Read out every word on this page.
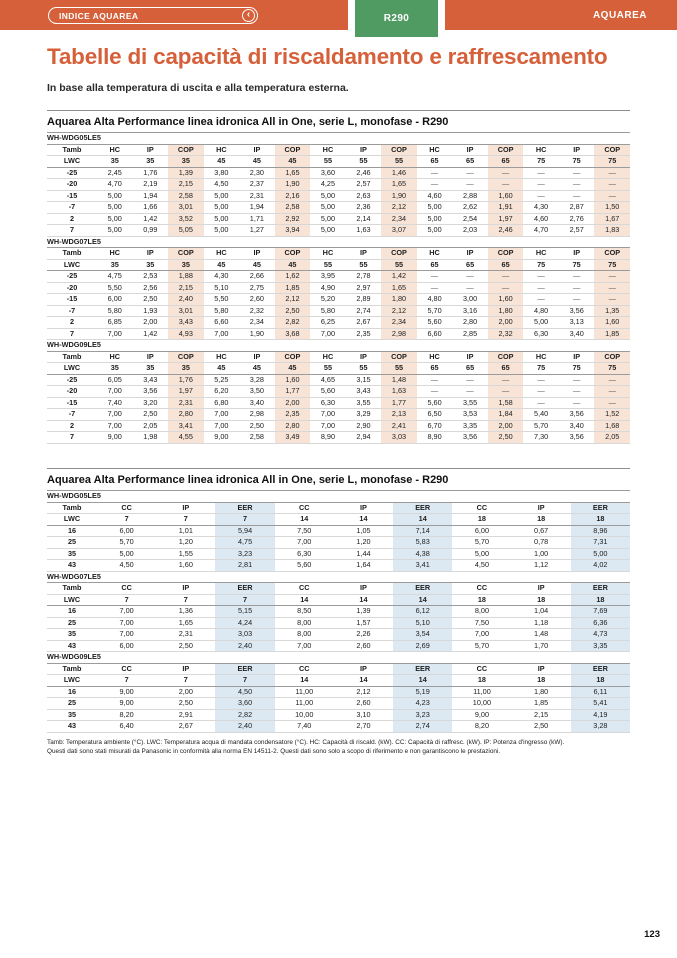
INDICE AQUAREA	‹	R290	AQUAREA
Tabelle di capacità di riscaldamento e raffrescamento
In base alla temperatura di uscita e alla temperatura esterna.
Aquarea Alta Performance linea idronica All in One, serie L, monofase - R290
WH-WDG05LE5															
Tamb	HC	IP	COP	HC	IP	COP	HC	IP	COP	HC	IP	COP	HC	IP	COP
LWC	35	35	35	45	45	45	55	55	55	65	65	65	75	75	75
-25	2,45	1,76	1,39	3,80	2,30	1,65	3,60	2,46	1,46	—	—	—	—	—	—
-20	4,70	2,19	2,15	4,50	2,37	1,90	4,25	2,57	1,65	—	—	—	—	—	—
-15	5,00	1,94	2,58	5,00	2,31	2,16	5,00	2,63	1,90	4,60	2,88	1,60	—	—	—
-7	5,00	1,66	3,01	5,00	1,94	2,58	5,00	2,36	2,12	5,00	2,62	1,91	4,30	2,87	1,50
2	5,00	1,42	3,52	5,00	1,71	2,92	5,00	2,14	2,34	5,00	2,54	1,97	4,60	2,76	1,67
7	5,00	0,99	5,05	5,00	1,27	3,94	5,00	1,63	3,07	5,00	2,03	2,46	4,70	2,57	1,83
WH-WDG07LE5															
Tamb	HC	IP	COP	HC	IP	COP	HC	IP	COP	HC	IP	COP	HC	IP	COP
LWC	35	35	35	45	45	45	55	55	55	65	65	65	75	75	75
-25	4,75	2,53	1,88	4,30	2,66	1,62	3,95	2,78	1,42	—	—	—	—	—	—
-20	5,50	2,56	2,15	5,10	2,75	1,85	4,90	2,97	1,65	—	—	—	—	—	—
-15	6,00	2,50	2,40	5,50	2,60	2,12	5,20	2,89	1,80	4,80	3,00	1,60	—	—	—
-7	5,80	1,93	3,01	5,80	2,32	2,50	5,80	2,74	2,12	5,70	3,16	1,80	4,80	3,56	1,35
2	6,85	2,00	3,43	6,60	2,34	2,82	6,25	2,67	2,34	5,60	2,80	2,00	5,00	3,13	1,60
7	7,00	1,42	4,93	7,00	1,90	3,68	7,00	2,35	2,98	6,60	2,85	2,32	6,30	3,40	1,85
WH-WDG09LE5															
Tamb	HC	IP	COP	HC	IP	COP	HC	IP	COP	HC	IP	COP	HC	IP	COP
LWC	35	35	35	45	45	45	55	55	55	65	65	65	75	75	75
-25	6,05	3,43	1,76	5,25	3,28	1,60	4,65	3,15	1,48	—	—	—	—	—	—
-20	7,00	3,56	1,97	6,20	3,50	1,77	5,60	3,43	1,63	—	—	—	—	—	—
-15	7,40	3,20	2,31	6,80	3,40	2,00	6,30	3,55	1,77	5,60	3,55	1,58	—	—	—
-7	7,00	2,50	2,80	7,00	2,98	2,35	7,00	3,29	2,13	6,50	3,53	1,84	5,40	3,56	1,52
2	7,00	2,05	3,41	7,00	2,50	2,80	7,00	2,90	2,41	6,70	3,35	2,00	5,70	3,40	1,68
7	9,00	1,98	4,55	9,00	2,58	3,49	8,90	2,94	3,03	8,90	3,56	2,50	7,30	3,56	2,05
Aquarea Alta Performance linea idronica All in One, serie L, monofase - R290
WH-WDG05LE5									
Tamb	CC	IP	EER	CC	IP	EER	CC	IP	EER
LWC	7	7	7	14	14	14	18	18	18
16	6,00	1,01	5,94	7,50	1,05	7,14	6,00	0,67	8,96
25	5,70	1,20	4,75	7,00	1,20	5,83	5,70	0,78	7,31
35	5,00	1,55	3,23	6,30	1,44	4,38	5,00	1,00	5,00
43	4,50	1,60	2,81	5,60	1,64	3,41	4,50	1,12	4,02
WH-WDG07LE5									
Tamb	CC	IP	EER	CC	IP	EER	CC	IP	EER
LWC	7	7	7	14	14	14	18	18	18
16	7,00	1,36	5,15	8,50	1,39	6,12	8,00	1,04	7,69
25	7,00	1,65	4,24	8,00	1,57	5,10	7,50	1,18	6,36
35	7,00	2,31	3,03	8,00	2,26	3,54	7,00	1,48	4,73
43	6,00	2,50	2,40	7,00	2,60	2,69	5,70	1,70	3,35
WH-WDG09LE5									
Tamb	CC	IP	EER	CC	IP	EER	CC	IP	EER
LWC	7	7	7	14	14	14	18	18	18
16	9,00	2,00	4,50	11,00	2,12	5,19	11,00	1,80	6,11
25	9,00	2,50	3,60	11,00	2,60	4,23	10,00	1,85	5,41
35	8,20	2,91	2,82	10,00	3,10	3,23	9,00	2,15	4,19
43	6,40	2,67	2,40	7,40	2,70	2,74	8,20	2,50	3,28
Tamb: Temperatura ambiente (°C). LWC: Temperatura acqua di mandata condensatore (°C). HC: Capacità di riscald. (kW). CC: Capacità di raffresc. (kW). IP: Potenza d'ingresso (kW).
Questi dati sono stati misurati da Panasonic in conformità alla norma EN 14511-2. Questi dati sono solo a scopo di riferimento e non garantiscono le prestazioni.
123
